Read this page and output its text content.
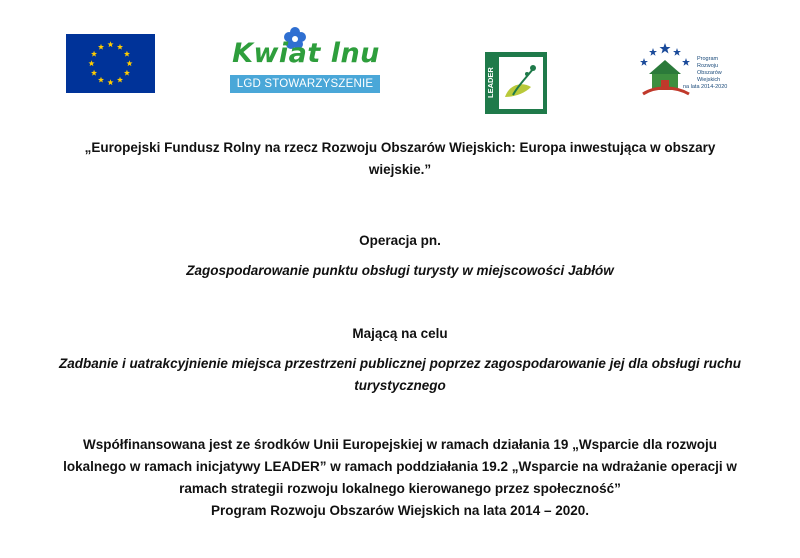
Kwiat lnu
LGD STOWARZYSZENIE	LEADER
Program
Rozwoju
Obszarów
Wiejskich
na lata 2014-2020
„Europejski Fundusz Rolny na rzecz Rozwoju Obszarów Wiejskich: Europa inwestująca w obszary
wiejskie.”
Operacja pn.
Zagospodarowanie punktu obsługi turysty w miejscowości Jabłów
Mającą na celu
Zadbanie i uatrakcyjnienie miejsca przestrzeni publicznej poprzez zagospodarowanie jej dla obsługi ruchu
turystycznego
Współfinansowana jest ze środków Unii Europejskiej w ramach działania 19 „Wsparcie dla rozwoju
lokalnego w ramach inicjatywy LEADER” w ramach poddziałania 19.2 „Wsparcie na wdrażanie operacji w
ramach strategii rozwoju lokalnego kierowanego przez społeczność”
Program Rozwoju Obszarów Wiejskich na lata 2014 – 2020.
